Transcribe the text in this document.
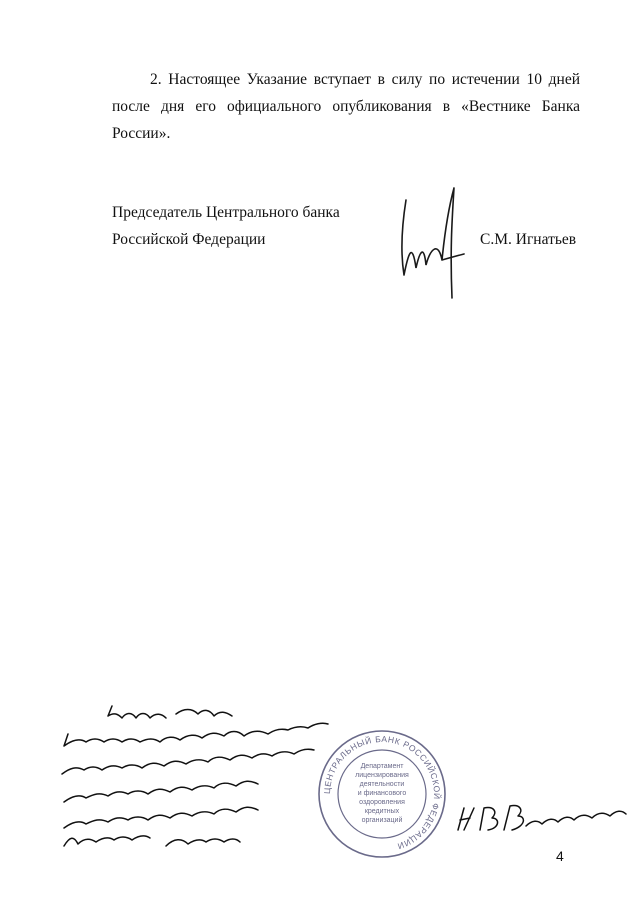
2. Настоящее Указание вступает в силу по истечении 10 дней после дня его официального опубликования в «Вестнике Банка России».
Председатель Центрального банка
Российской Федерации	С.М. Игнатьев
ЦЕНТРАЛЬНЫЙ БАНК РОССИЙСКОЙ ФЕДЕРАЦИИ
Департамент
лицензирования
деятельности
и финансового
оздоровления
кредитных
организаций
4
